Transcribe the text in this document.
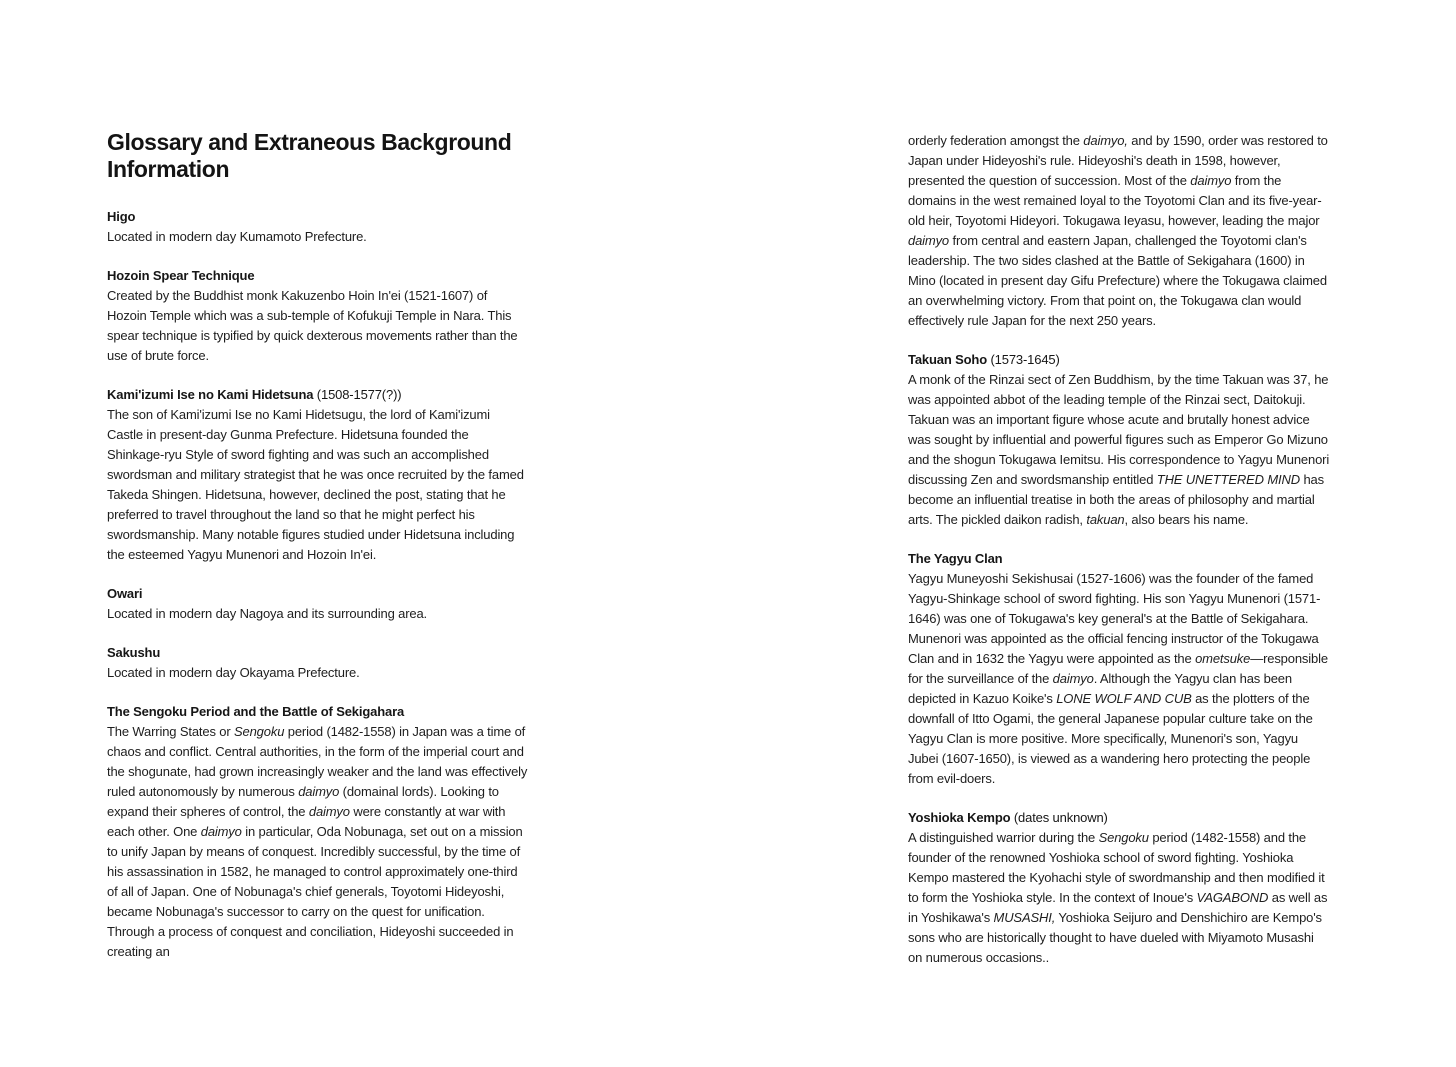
Glossary and Extraneous Background Information
Higo
Located in modern day Kumamoto Prefecture.
Hozoin Spear Technique
Created by the Buddhist monk Kakuzenbo Hoin In'ei (1521-1607) of Hozoin Temple which was a sub-temple of Kofukuji Temple in Nara. This spear technique is typified by quick dexterous movements rather than the use of brute force.
Kami'izumi Ise no Kami Hidetsuna (1508-1577(?))
The son of Kami'izumi Ise no Kami Hidetsugu, the lord of Kami'izumi Castle in present-day Gunma Prefecture. Hidetsuna founded the Shinkage-ryu Style of sword fighting and was such an accomplished swordsman and military strategist that he was once recruited by the famed Takeda Shingen. Hidetsuna, however, declined the post, stating that he preferred to travel throughout the land so that he might perfect his swordsmanship. Many notable figures studied under Hidetsuna including the esteemed Yagyu Munenori and Hozoin In'ei.
Owari
Located in modern day Nagoya and its surrounding area.
Sakushu
Located in modern day Okayama Prefecture.
The Sengoku Period and the Battle of Sekigahara
The Warring States or Sengoku period (1482-1558) in Japan was a time of chaos and conflict. Central authorities, in the form of the imperial court and the shogunate, had grown increasingly weaker and the land was effectively ruled autonomously by numerous daimyo (domainal lords). Looking to expand their spheres of control, the daimyo were constantly at war with each other. One daimyo in particular, Oda Nobunaga, set out on a mission to unify Japan by means of conquest. Incredibly successful, by the time of his assassination in 1582, he managed to control approximately one-third of all of Japan. One of Nobunaga's chief generals, Toyotomi Hideyoshi, became Nobunaga's successor to carry on the quest for unification. Through a process of conquest and conciliation, Hideyoshi succeeded in creating an
orderly federation amongst the daimyo, and by 1590, order was restored to Japan under Hideyoshi's rule. Hideyoshi's death in 1598, however, presented the question of succession. Most of the daimyo from the domains in the west remained loyal to the Toyotomi Clan and its five-year-old heir, Toyotomi Hideyori. Tokugawa Ieyasu, however, leading the major daimyo from central and eastern Japan, challenged the Toyotomi clan's leadership. The two sides clashed at the Battle of Sekigahara (1600) in Mino (located in present day Gifu Prefecture) where the Tokugawa claimed an overwhelming victory. From that point on, the Tokugawa clan would effectively rule Japan for the next 250 years.
Takuan Soho (1573-1645)
A monk of the Rinzai sect of Zen Buddhism, by the time Takuan was 37, he was appointed abbot of the leading temple of the Rinzai sect, Daitokuji. Takuan was an important figure whose acute and brutally honest advice was sought by influential and powerful figures such as Emperor Go Mizuno and the shogun Tokugawa Iemitsu. His correspondence to Yagyu Munenori discussing Zen and swordsmanship entitled THE UNETTERED MIND has become an influential treatise in both the areas of philosophy and martial arts. The pickled daikon radish, takuan, also bears his name.
The Yagyu Clan
Yagyu Muneyoshi Sekishusai (1527-1606) was the founder of the famed Yagyu-Shinkage school of sword fighting. His son Yagyu Munenori (1571-1646) was one of Tokugawa's key general's at the Battle of Sekigahara. Munenori was appointed as the official fencing instructor of the Tokugawa Clan and in 1632 the Yagyu were appointed as the ometsuke—responsible for the surveillance of the daimyo. Although the Yagyu clan has been depicted in Kazuo Koike's LONE WOLF AND CUB as the plotters of the downfall of Itto Ogami, the general Japanese popular culture take on the Yagyu Clan is more positive. More specifically, Munenori's son, Yagyu Jubei (1607-1650), is viewed as a wandering hero protecting the people from evil-doers.
Yoshioka Kempo (dates unknown)
A distinguished warrior during the Sengoku period (1482-1558) and the founder of the renowned Yoshioka school of sword fighting. Yoshioka Kempo mastered the Kyohachi style of swordmanship and then modified it to form the Yoshioka style. In the context of Inoue's VAGABOND as well as in Yoshikawa's MUSASHI, Yoshioka Seijuro and Denshichiro are Kempo's sons who are historically thought to have dueled with Miyamoto Musashi on numerous occasions..
